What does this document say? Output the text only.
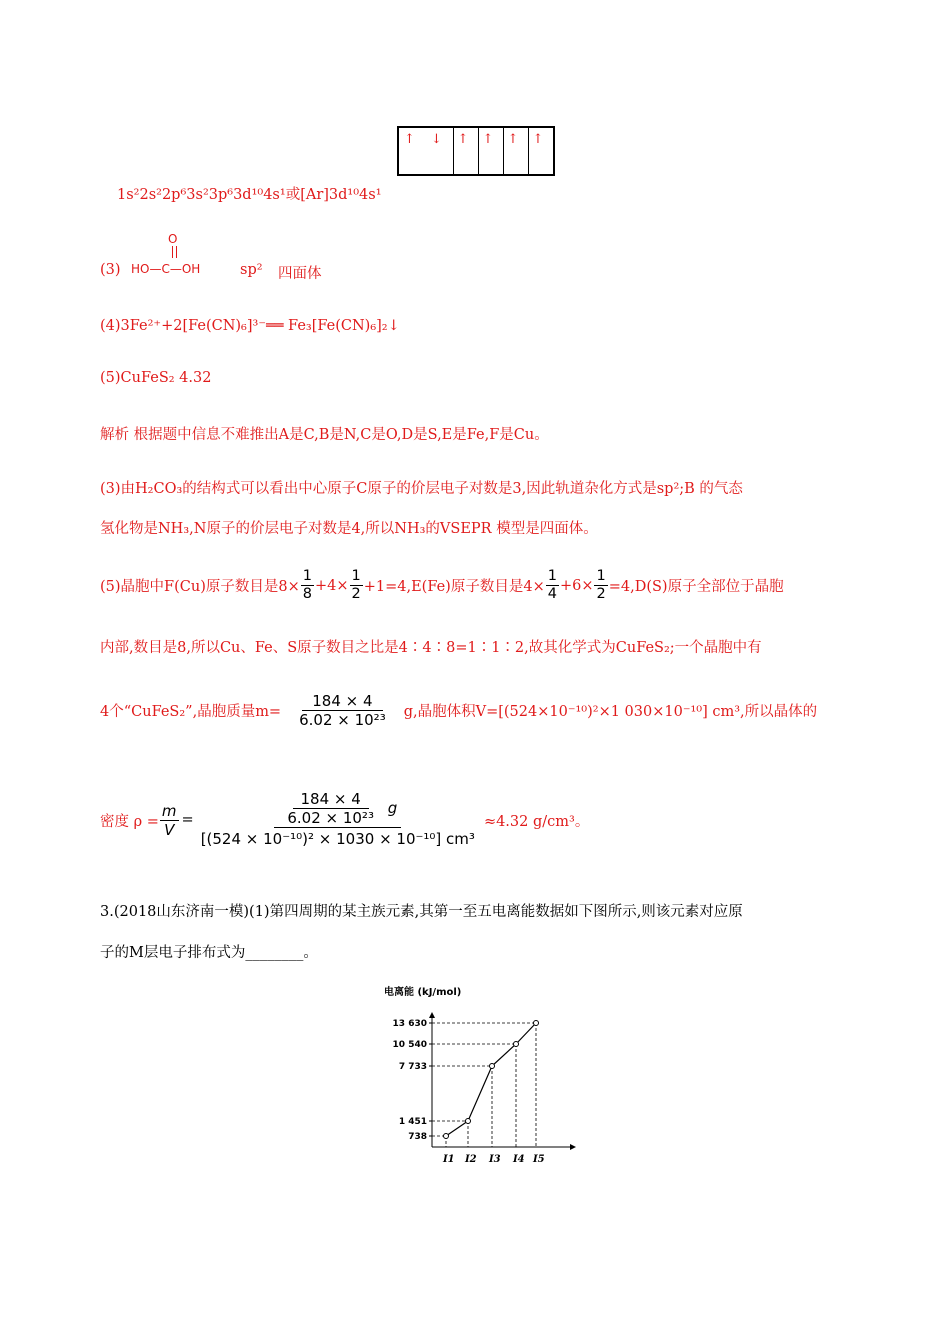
↑ ↓ ↑ ↑ ↑ ↑
1s²2s²2p⁶3s²3p⁶3d¹⁰4s¹或[Ar]3d¹⁰4s¹
(3)
O
HO—C—OH	sp² 四面体
(4)3Fe²⁺+2[Fe(CN)₆]³⁻══ Fe₃[Fe(CN)₆]₂↓
(5)CuFeS₂ 4.32
解析 根据题中信息不难推出A是C,B是N,C是O,D是S,E是Fe,F是Cu。
(3)由H₂CO₃的结构式可以看出中心原子C原子的价层电子对数是3,因此轨道杂化方式是sp²;B 的气态
氢化物是NH₃,N原子的价层电子对数是4,所以NH₃的VSEPR 模型是四面体。
(5)晶胞中F(Cu)原子数目是$8\times \frac{1}{8} +4\times \frac{1}{2} +1=4,E(Fe)$原子数目是$4\times \frac{1}{4} +6\times \frac{1}{2} =4,D(S)$原子全部位于晶胞
内部,数目是8,所以Cu、Fe、S原子数目之比是4∶4∶8=1∶1∶2,故其化学式为CuFeS₂;一个晶胞中有
4个“CuFeS₂”,晶胞质量$m= \frac{184 \times 4}{\text{6.02 × 10²³}} g$,晶胞体积V=[(524×10⁻¹⁰)²×1 030×10⁻¹⁰] cm³,所以晶体的
密度 $\rho = \frac{m}{V} = \frac{\frac{184 \times 4}{\text{6.02 × 10²³}} g}{\text{[(524 × 10⁻¹⁰)² × 1030 × 10⁻¹⁰] cm³}} \approx 4.32$ g/cm³。
3.(2018山东济南一模)(1)第四周期的某主族元素,其第一至五电离能数据如下图所示,则该元素对应原
子的M层电子排布式为________。
电离能 (kJ/mol)
738
1 451
7 733
10 540
13 630
I1 I2 I3 I4 I5
